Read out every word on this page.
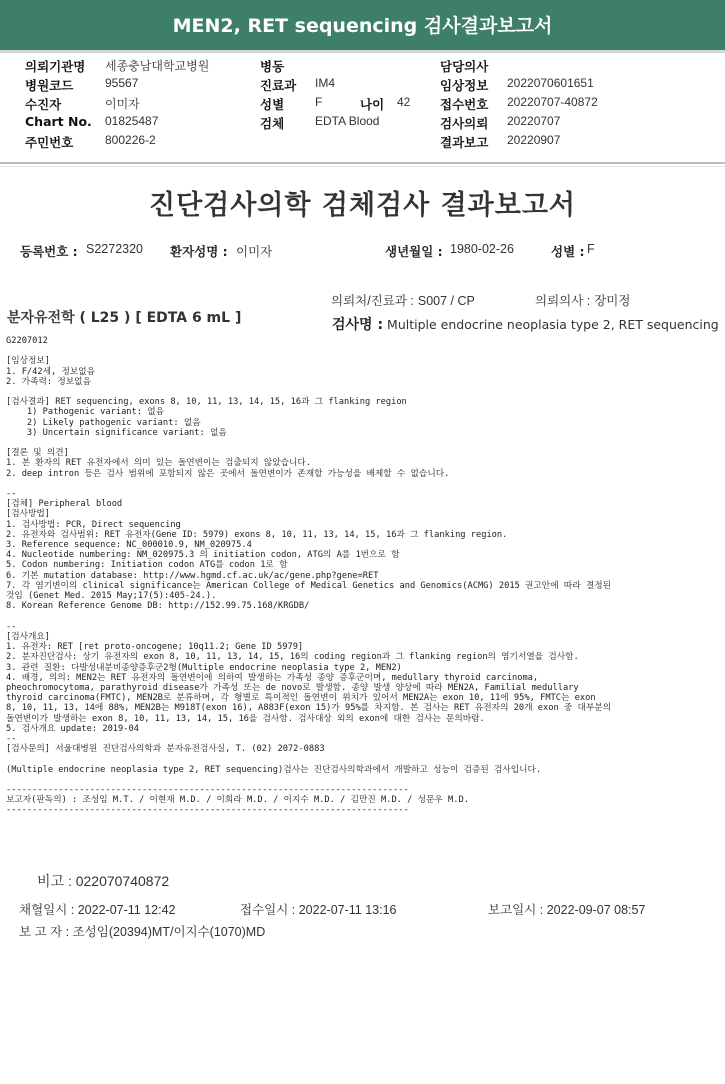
MEN2, RET sequencing 검사결과보고서
의뢰기관명 세종충남대학교병원	병동	담당의사
병원코드	95567	진료과 IM4	임상정보 2022070601651
수진자	이미자	성별	F	나이 42 접수번호 20220707-40872
Chart No. 01825487	검체	EDTA Blood	검사의뢰 20220707
주민번호	800226-2	결과보고 20220907
진단검사의학 검체검사 결과보고서
등록번호 : S2272320 환자성명 : 이미자	생년월일 : 1980-02-26	성별 : F
의뢰처/진료과 : S007 / CP	의뢰의사 : 장미정
분자유전학 ( L25 ) [ EDTA 6 mL ]	검사명 : Multiple endocrine neoplasia type 2, RET sequencing
G2207012

[임상정보]
1. F/42세, 정보없음
2. 가족력: 정보없음

[검사결과] RET sequencing, exons 8, 10, 11, 13, 14, 15, 16과 그 flanking region
1) Pathogenic variant: 없음
2) Likely pathogenic variant: 없음
3) Uncertain significance variant: 없음

[결론 및 의견]
1. 본 환자의 RET 유전자에서 의미 있는 돌연변이는 검출되지 않았습니다.
2. deep intron 등은 검사 범위에 포함되지 않은 곳에서 돌연변이가 존재할 가능성을 배제할 수 없습니다.

--
[검체] Peripheral blood
[검사방법]
1. 검사방법: PCR, Direct sequencing
2. 유전자와 검사범위: RET 유전자(Gene ID: 5979) exons 8, 10, 11, 13, 14, 15, 16과 그 flanking region.
3. Reference sequence: NC_000010.9, NM_020975.4
4. Nucleotide numbering: NM_020975.3 의 initiation codon, ATG의 A를 1번으로 함
5. Codon numbering: Initiation codon ATG를 codon 1로 함
6. 기본 mutation database: http://www.hgmd.cf.ac.uk/ac/gene.php?gene=RET
7. 각 염기변이의 clinical significance는 American College of Medical Genetics and Genomics(ACMG) 2015 권고안에 따라 결정된
것임 (Genet Med. 2015 May;17(5):405-24.).
8. Korean Reference Genome DB: http://152.99.75.168/KRGDB/

--
[검사개요]
1. 유전자: RET [ret proto-oncogene; 10q11.2; Gene ID 5979]
2. 분자진단검사: 상기 유전자의 exon 8, 10, 11, 13, 14, 15, 16의 coding region과 그 flanking region의 염기서열을 검사함.
3. 관련 질환: 다발성내분비종양증후군2형(Multiple endocrine neoplasia type 2, MEN2)
4. 배경, 의의: MEN2는 RET 유전자의 돌연변이에 의하여 발생하는 가족성 종양 증후군이며, medullary thyroid carcinoma,
pheochromocytoma, parathyroid disease가 가족성 또는 de novo로 발생함. 종양 발생 양상에 따라 MEN2A, Familial medullary
thyroid carcinoma(FMTC), MEN2B로 분류하며, 각 형별로 특이적인 돌연변이 위치가 있어서 MEN2A는 exon 10, 11에 95%, FMTC는 exon
8, 10, 11, 13, 14에 88%, MEN2B는 M918T(exon 16), A883F(exon 15)가 95%를 차지함. 본 검사는 RET 유전자의 20개 exon 중 대부분의
돌연변이가 발생하는 exon 8, 10, 11, 13, 14, 15, 16을 검사함. 검사대상 외의 exon에 대한 검사는 문의바람.
5. 검사개요 update: 2019-04
--
[검사문의] 서울대병원 진단검사의학과 분자유전검사실, T. (02) 2072-0883

(Multiple endocrine neoplasia type 2, RET sequencing)검사는 진단검사의학과에서 개발하고 성능이 검증된 검사입니다.

-----------------------------------------------------------------------------
보고자(판독의) : 조성임 M.T. / 이현재 M.D. / 이희라 M.D. / 이지수 M.D. / 김만진 M.D. / 성문우 M.D.
-----------------------------------------------------------------------------
비고 : 022070740872
채혈일시 : 2022-07-11 12:42	접수일시 : 2022-07-11 13:16	보고일시 : 2022-09-07 08:57
보 고 자 : 조성임(20394)MT/이지수(1070)MD
